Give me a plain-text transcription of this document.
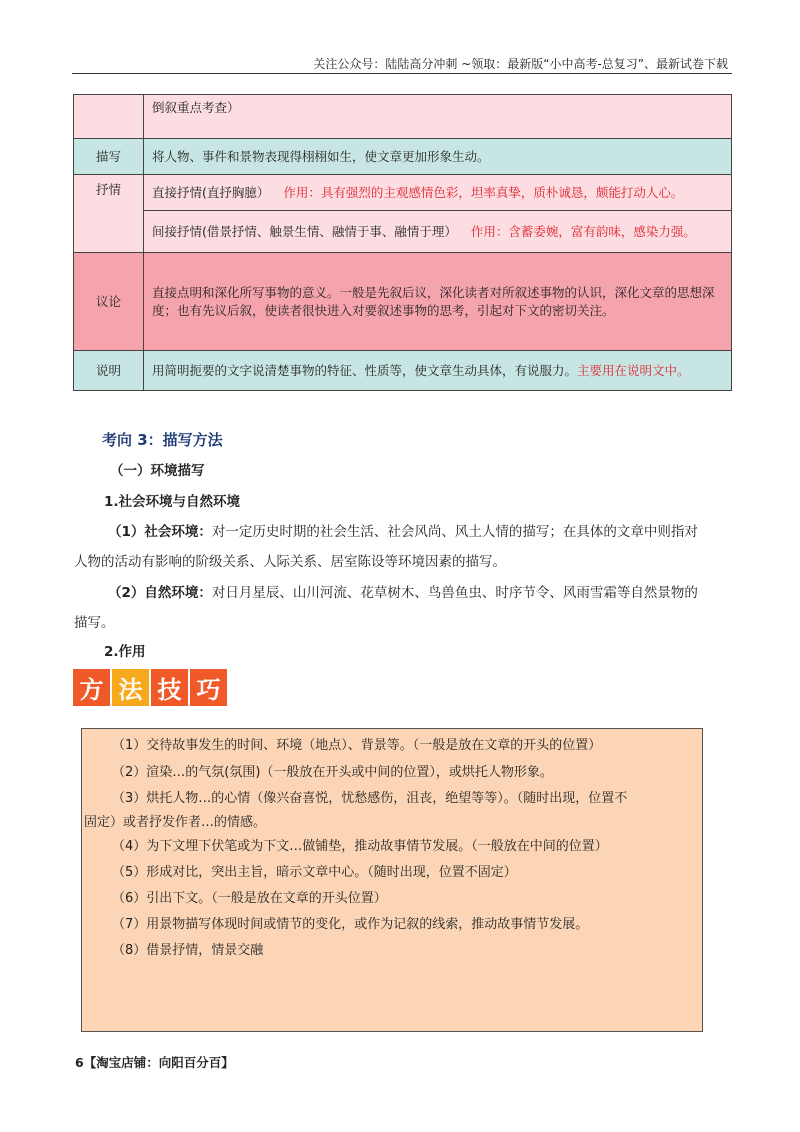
关注公众号：陆陆高分冲刺 ~领取：最新版“小中高考-总复习”、最新试卷下载
	倒叙重点考查）
描写	将人物、事件和景物表现得栩栩如生，使文章更加形象生动。
抒情	直接抒情(直抒胸臆） 作用：具有强烈的主观感情色彩，坦率真挚，质朴诚恳，颇能打动人心。
	间接抒情(借景抒情、触景生情、融情于事、融情于理） 作用：含蓄委婉，富有韵味，感染力强。
议论	直接点明和深化所写事物的意义。一般是先叙后议，深化读者对所叙述事物的认识，深化文章的思想深度；也有先议后叙，使读者很快进入对要叙述事物的思考，引起对下文的密切关注。
说明	用简明扼要的文字说清楚事物的特征、性质等，使文章生动具体，有说服力。主要用在说明文中。
考向 3：描写方法
（一）环境描写
1.社会环境与自然环境
（1）社会环境：对一定历史时期的社会生活、社会风尚、风土人情的描写；在具体的文章中则指对
人物的活动有影响的阶级关系、人际关系、居室陈设等环境因素的描写。
（2）自然环境：对日月星辰、山川河流、花草树木、鸟兽鱼虫、时序节令、风雨雪霜等自然景物的
描写。
2.作用
方 法 技 巧
（1）交待故事发生的时间、环境（地点）、背景等。（一般是放在文章的开头的位置）
（2）渲染…的气氛(氛围)（一般放在开头或中间的位置），或烘托人物形象。
（3）烘托人物…的心情（像兴奋喜悦，忧愁感伤，沮丧，绝望等等）。（随时出现，位置不
固定）或者抒发作者…的情感。
（4）为下文埋下伏笔或为下文…做铺垫，推动故事情节发展。（一般放在中间的位置）
（5）形成对比，突出主旨，暗示文章中心。（随时出现，位置不固定）
（6）引出下文。（一般是放在文章的开头位置）
（7）用景物描写体现时间或情节的变化，或作为记叙的线索，推动故事情节发展。
（8）借景抒情，情景交融
6【淘宝店铺：向阳百分百】
